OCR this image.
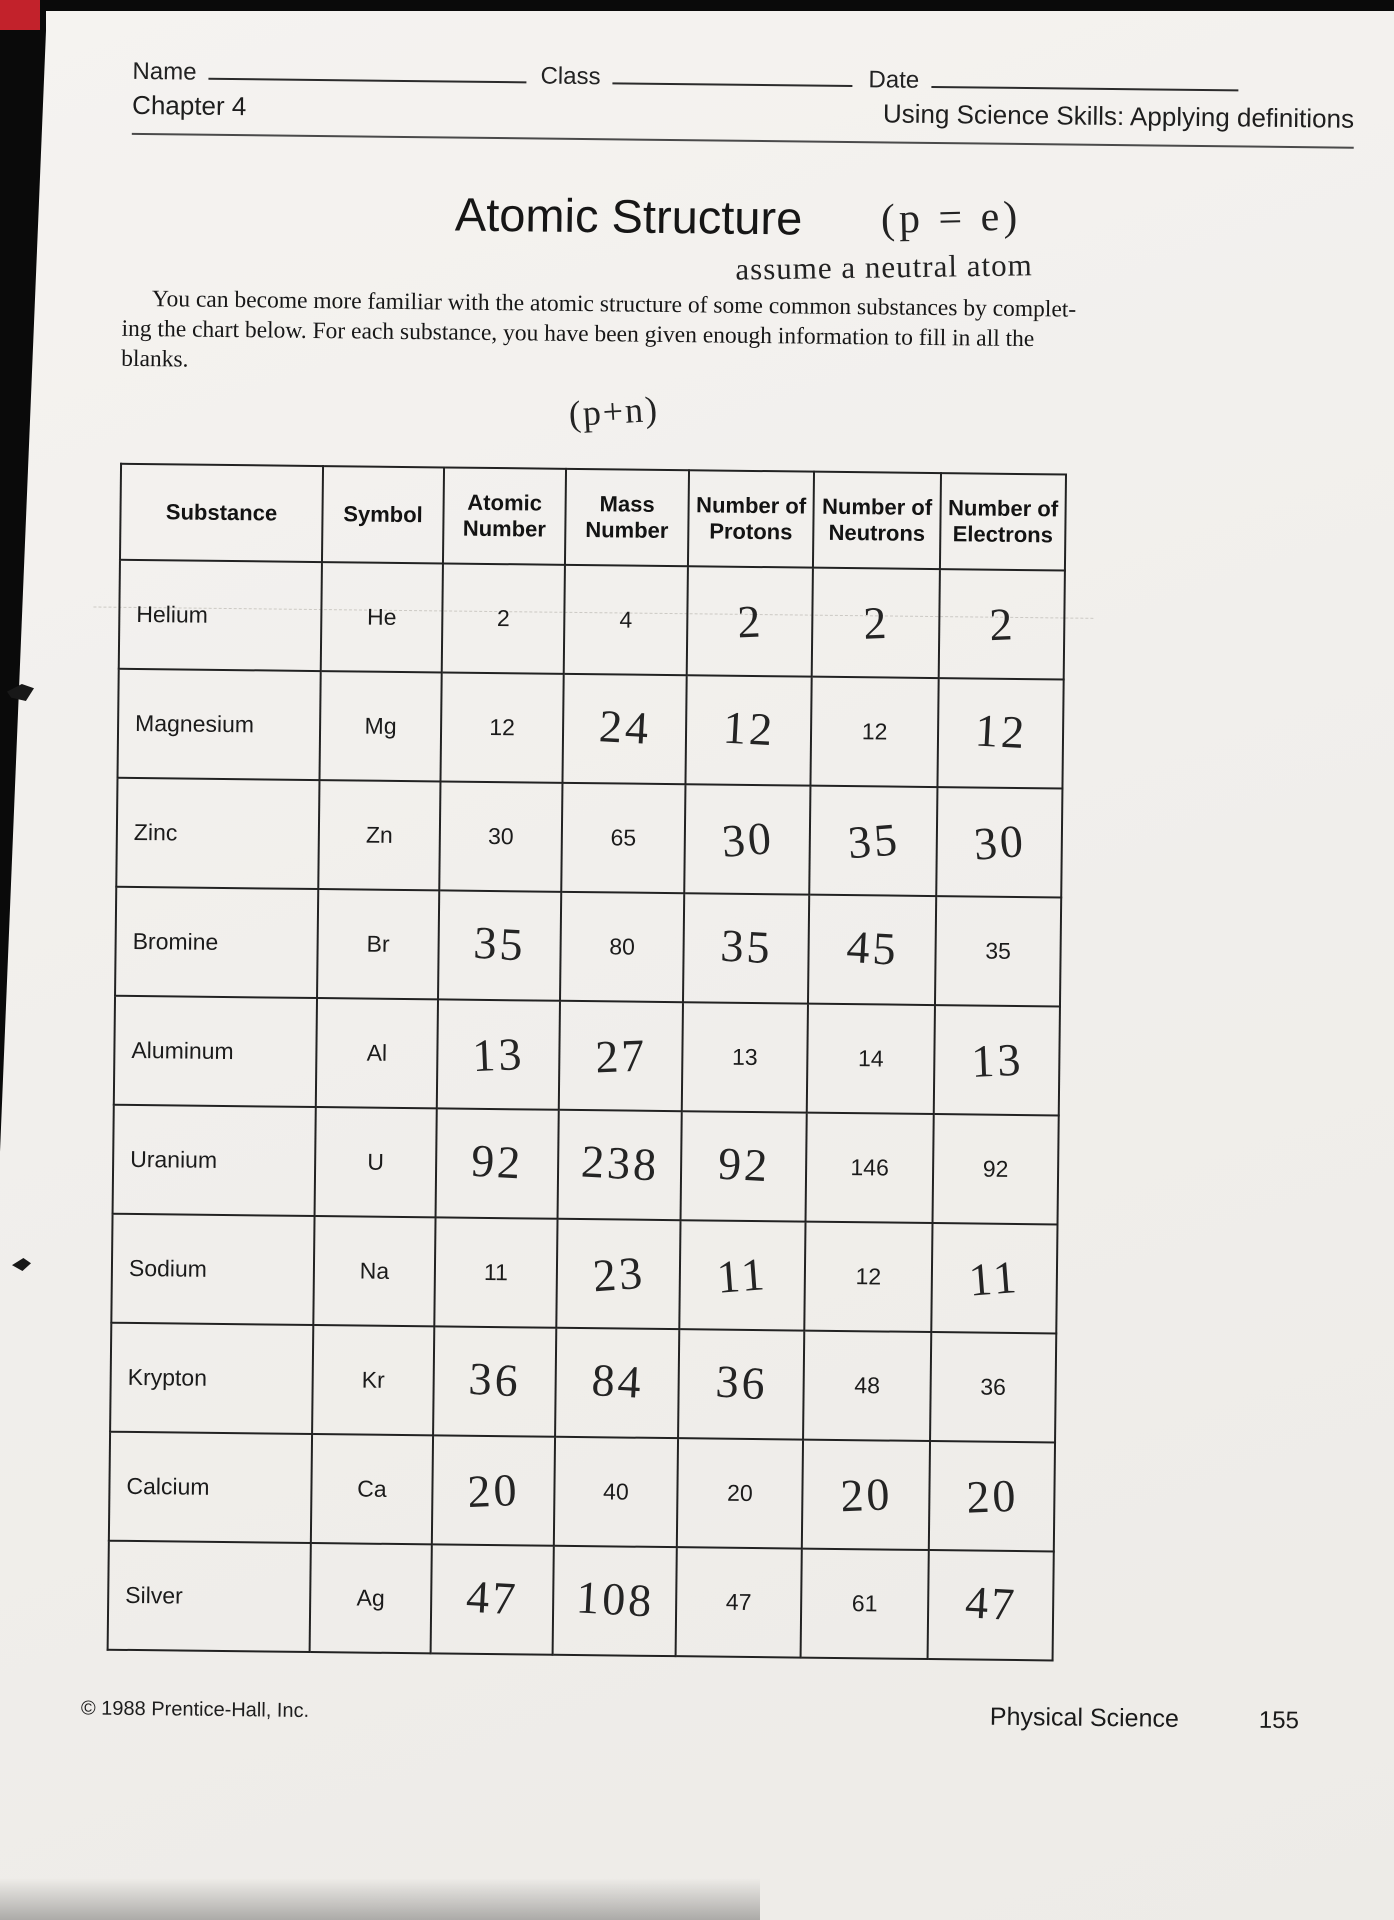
Name	Class	Date
Chapter 4	Using Science Skills: Applying definitions
Atomic Structure (p = e)
assume a neutral atom
You can become more familiar with the atomic structure of some common substances by complet-
ing the chart below. For each substance, you have been given enough information to fill in all the
blanks.
(p+n)
Substance	Symbol	Atomic Number	Mass Number	Number of Protons	Number of Neutrons	Number of Electrons
Helium	He	2	4	2	2	2
Magnesium	Mg	12	24	12	12	12
Zinc	Zn	30	65	30	35	30
Bromine	Br	35	80	35	45	35
Aluminum	Al	13	27	13	14	13
Uranium	U	92	238	92	146	92
Sodium	Na	11	23	11	12	11
Krypton	Kr	36	84	36	48	36
Calcium	Ca	20	40	20	20	20
Silver	Ag	47	108	47	61	47
© 1988 Prentice-Hall, Inc.	Physical Science	155
